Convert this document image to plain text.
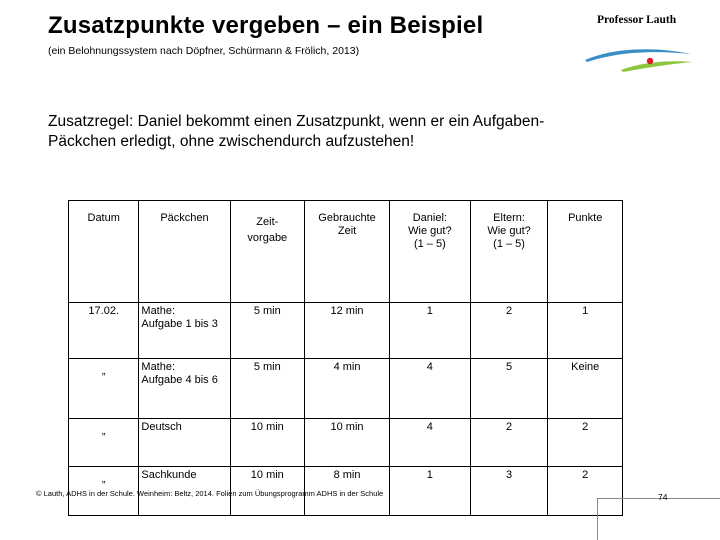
Zusatzpunkte vergeben – ein Beispiel
(ein Belohnungssystem nach Döpfner, Schürmann & Frölich, 2013)
Professor Lauth
Zusatzregel: Daniel bekommt einen Zusatzpunkt, wenn er ein Aufgaben-Päckchen erledigt, ohne zwischendurch aufzustehen!
Datum	Päckchen	Zeit-
vorgabe	Gebrauchte
Zeit	Daniel:
Wie gut?
(1 – 5)	Eltern:
Wie gut?
(1 – 5)	Punkte
17.02.	Mathe:
Aufgabe 1 bis 3	5 min	12 min	1	2	1
„	Mathe:
Aufgabe 4 bis 6	5 min	4 min	4	5	Keine
„	Deutsch	10 min	10 min	4	2	2
„	Sachkunde	10 min	8 min	1	3	2
© Lauth, ADHS in der Schule. Weinheim: Beltz, 2014. Folien zum Übungsprogramm ADHS in der Schule	74
